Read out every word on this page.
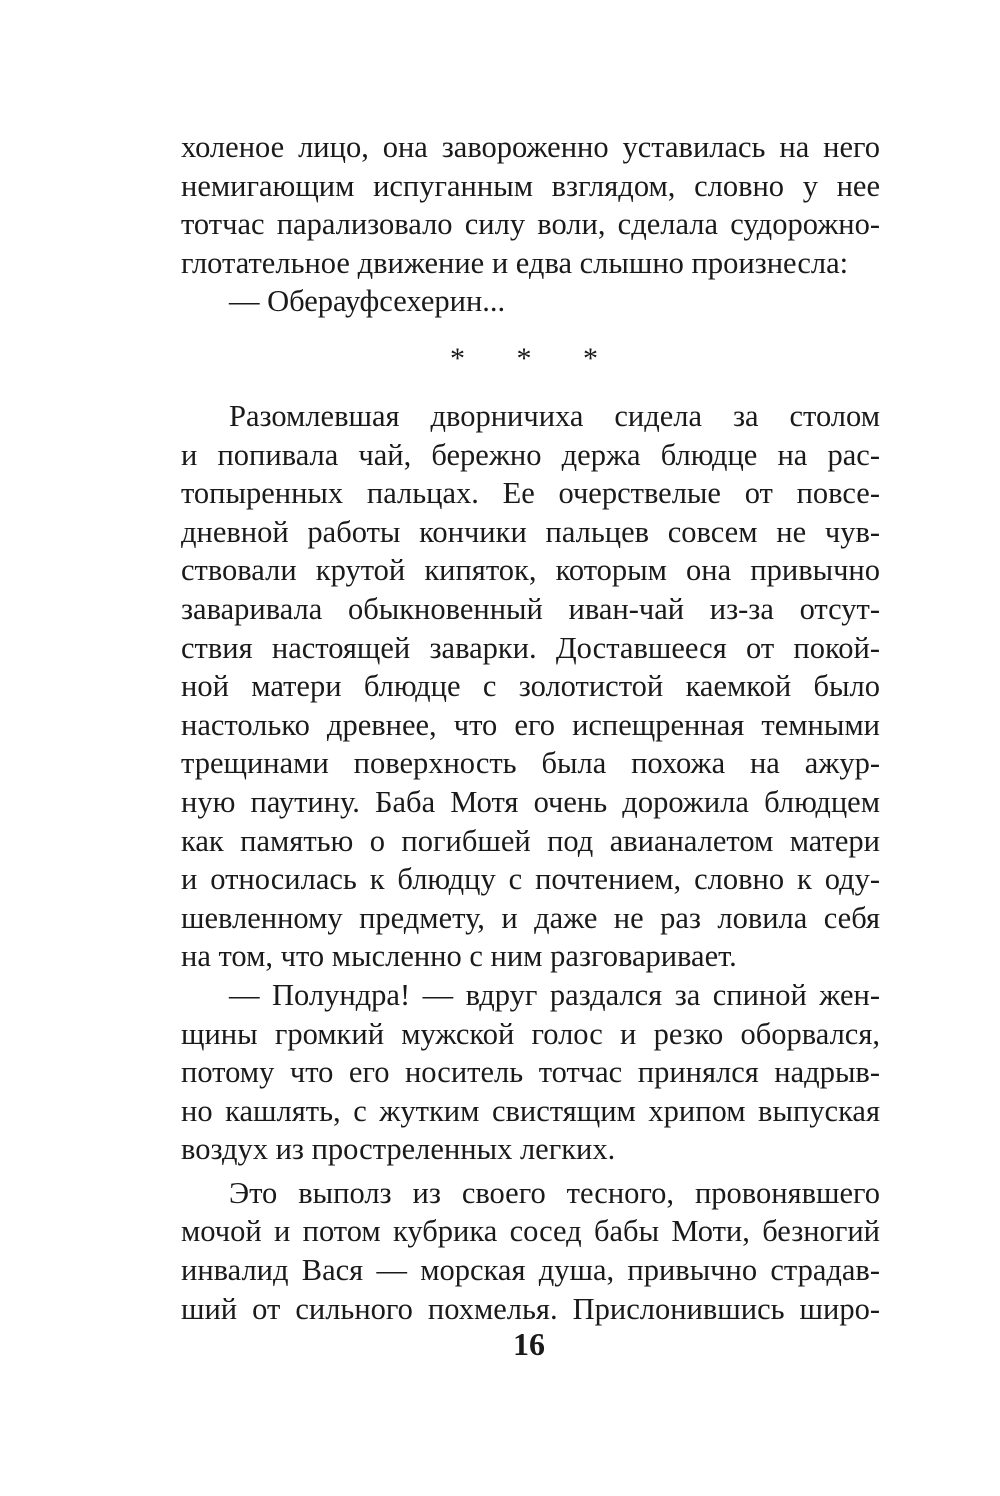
холеное лицо, она завороженно уставилась на него
немигающим испуганным взглядом, словно у нее
тотчас парализовало силу воли, сделала судорожно-
глотательное движение и едва слышно произнесла:
— Оберауфсехерин...
* * *
Разомлевшая дворничиха сидела за столом
и попивала чай, бережно держа блюдце на рас-
топыренных пальцах. Ее очерствелые от повсе-
дневной работы кончики пальцев совсем не чув-
ствовали крутой кипяток, которым она привычно
заваривала обыкновенный иван-чай из-за отсут-
ствия настоящей заварки. Доставшееся от покой-
ной матери блюдце с золотистой каемкой было
настолько древнее, что его испещренная темными
трещинами поверхность была похожа на ажур-
ную паутину. Баба Мотя очень дорожила блюдцем
как памятью о погибшей под авианалетом матери
и относилась к блюдцу с почтением, словно к оду-
шевленному предмету, и даже не раз ловила себя
на том, что мысленно с ним разговаривает.
— Полундра! — вдруг раздался за спиной жен-
щины громкий мужской голос и резко оборвался,
потому что его носитель тотчас принялся надрыв-
но кашлять, с жутким свистящим хрипом выпуская
воздух из простреленных легких.
Это выполз из своего тесного, провонявшего
мочой и потом кубрика сосед бабы Моти, безногий
инвалид Вася — морская душа, привычно страдав-
ший от сильного похмелья. Прислонившись широ-
16
